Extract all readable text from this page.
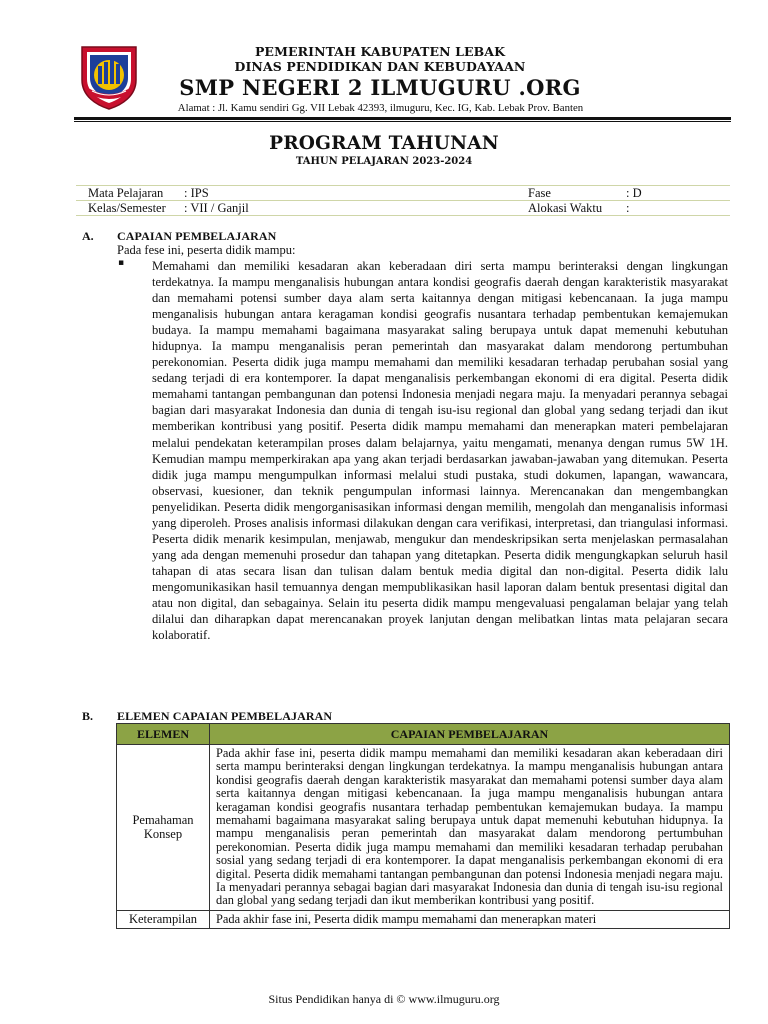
PEMERINTAH KABUPATEN LEBAK
DINAS PENDIDIKAN DAN KEBUDAYAAN
SMP NEGERI 2 ILMUGURU .ORG
Alamat : Jl. Kamu sendiri Gg. VII Lebak 42393, ilmuguru, Kec. IG, Kab. Lebak Prov. Banten
PROGRAM TAHUNAN
TAHUN PELAJARAN 2023-2024
Mata Pelajaran : IPS	Fase	: D
Kelas/Semester : VII / Ganjil	Alokasi Waktu :
A. CAPAIAN PEMBELAJARAN
Pada fese ini, peserta didik mampu:
▪ Memahami dan memiliki kesadaran akan keberadaan diri serta mampu berinteraksi dengan lingkungan terdekatnya. Ia mampu menganalisis hubungan antara kondisi geografis daerah dengan karakteristik masyarakat dan memahami potensi sumber daya alam serta kaitannya dengan mitigasi kebencanaan. Ia juga mampu menganalisis hubungan antara keragaman kondisi geografis nusantara terhadap pembentukan kemajemukan budaya. Ia mampu memahami bagaimana masyarakat saling berupaya untuk dapat memenuhi kebutuhan hidupnya. Ia mampu menganalisis peran pemerintah dan masyarakat dalam mendorong pertumbuhan perekonomian. Peserta didik juga mampu memahami dan memiliki kesadaran terhadap perubahan sosial yang sedang terjadi di era kontemporer. Ia dapat menganalisis perkembangan ekonomi di era digital. Peserta didik memahami tantangan pembangunan dan potensi Indonesia menjadi negara maju. Ia menyadari perannya sebagai bagian dari masyarakat Indonesia dan dunia di tengah isu-isu regional dan global yang sedang terjadi dan ikut memberikan kontribusi yang positif. Peserta didik mampu memahami dan menerapkan materi pembelajaran melalui pendekatan keterampilan proses dalam belajarnya, yaitu mengamati, menanya dengan rumus 5W 1H. Kemudian mampu memperkirakan apa yang akan terjadi berdasarkan jawaban-jawaban yang ditemukan. Peserta didik juga mampu mengumpulkan informasi melalui studi pustaka, studi dokumen, lapangan, wawancara, observasi, kuesioner, dan teknik pengumpulan informasi lainnya. Merencanakan dan mengembangkan penyelidikan. Peserta didik mengorganisasikan informasi dengan memilih, mengolah dan menganalisis informasi yang diperoleh. Proses analisis informasi dilakukan dengan cara verifikasi, interpretasi, dan triangulasi informasi. Peserta didik menarik kesimpulan, menjawab, mengukur dan mendeskripsikan serta menjelaskan permasalahan yang ada dengan memenuhi prosedur dan tahapan yang ditetapkan. Peserta didik mengungkapkan seluruh hasil tahapan di atas secara lisan dan tulisan dalam bentuk media digital dan non-digital. Peserta didik lalu mengomunikasikan hasil temuannya dengan mempublikasikan hasil laporan dalam bentuk presentasi digital dan atau non digital, dan sebagainya. Selain itu peserta didik mampu mengevaluasi pengalaman belajar yang telah dilalui dan diharapkan dapat merencanakan proyek lanjutan dengan melibatkan lintas mata pelajaran secara kolaboratif.
B. ELEMEN CAPAIAN PEMBELAJARAN
ELEMEN	CAPAIAN PEMBELAJARAN
Pemahaman Konsep	Pada akhir fase ini, peserta didik mampu memahami dan memiliki kesadaran akan keberadaan diri serta mampu berinteraksi dengan lingkungan terdekatnya. Ia mampu menganalisis hubungan antara kondisi geografis daerah dengan karakteristik masyarakat dan memahami potensi sumber daya alam serta kaitannya dengan mitigasi kebencanaan. Ia juga mampu menganalisis hubungan antara keragaman kondisi geografis nusantara terhadap pembentukan kemajemukan budaya. Ia mampu memahami bagaimana masyarakat saling berupaya untuk dapat memenuhi kebutuhan hidupnya. Ia mampu menganalisis peran pemerintah dan masyarakat dalam mendorong pertumbuhan perekonomian. Peserta didik juga mampu memahami dan memiliki kesadaran terhadap perubahan sosial yang sedang terjadi di era kontemporer. Ia dapat menganalisis perkembangan ekonomi di era digital. Peserta didik memahami tantangan pembangunan dan potensi Indonesia menjadi negara maju. Ia menyadari perannya sebagai bagian dari masyarakat Indonesia dan dunia di tengah isu-isu regional dan global yang sedang terjadi dan ikut memberikan kontribusi yang positif.
Keterampilan	Pada akhir fase ini, Peserta didik mampu memahami dan menerapkan materi
Situs Pendidikan hanya di © www.ilmuguru.org
